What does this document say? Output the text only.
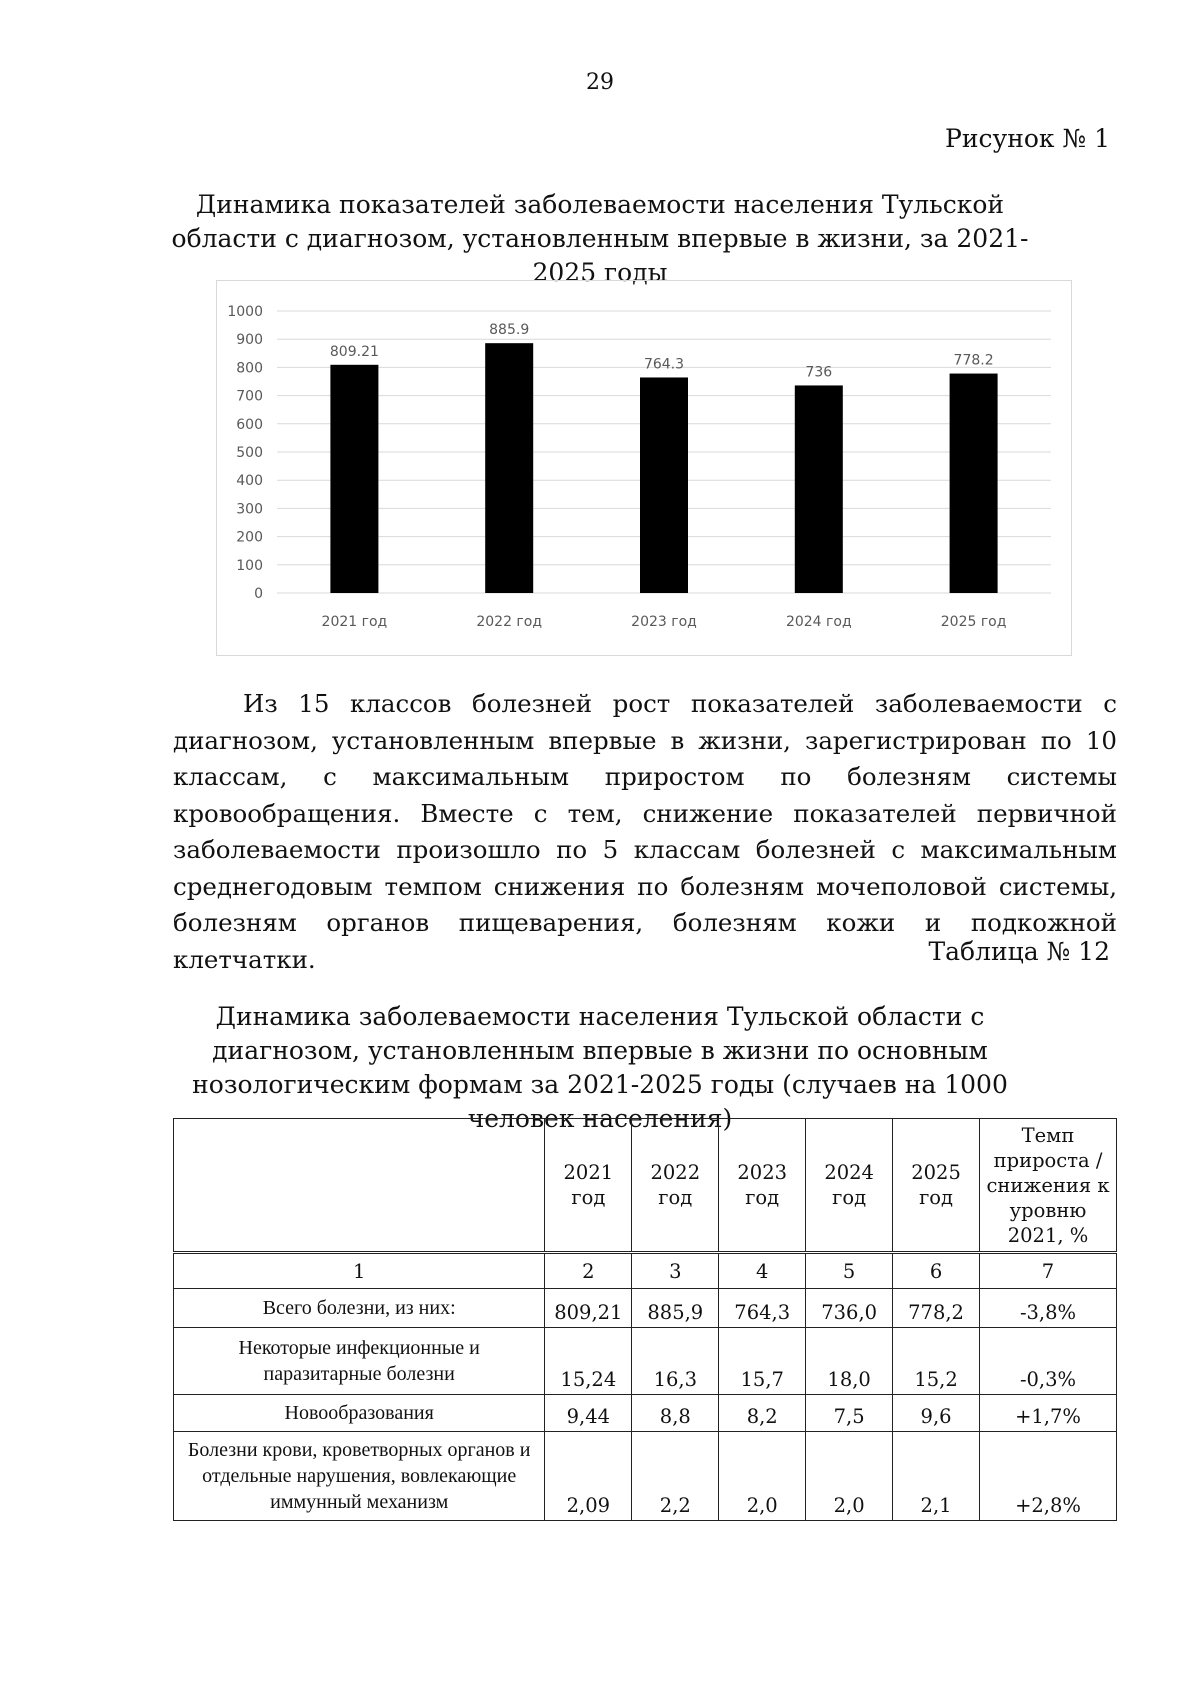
29
Рисунок № 1
Динамика показателей заболеваемости населения Тульской области с диагнозом, установленным впервые в жизни, за 2021-2025 годы
0
100
200
300
400
500
600
700
800
900
1000
809.21
2021 год
885.9
2022 год
764.3
2023 год
736
2024 год
778.2
2025 год

Из 15 классов болезней рост показателей заболеваемости с диагнозом, установленным впервые в жизни, зарегистрирован по 10 классам, с максимальным приростом по болезням системы кровообращения. Вместе с тем, снижение показателей первичной заболеваемости произошло по 5 классам болезней с максимальным среднегодовым темпом снижения по болезням мочеполовой системы, болезням органов пищеварения, болезням кожи и подкожной клетчатки.	Таблица № 12
Динамика заболеваемости населения Тульской области с диагнозом, установленным впервые в жизни по основным нозологическим формам за 2021-2025 годы (случаев на 1000 человек населения)
	2021 год	2022 год	2023 год	2024 год	2025 год	Темп прироста /снижения к уровню 2021, %
1	2	3	4	5	6	7
Всего болезни, из них:	809,21	885,9	764,3	736,0	778,2	-3,8%
Некоторые инфекционные и паразитарные болезни	15,24	16,3	15,7	18,0	15,2	-0,3%
Новообразования	9,44	8,8	8,2	7,5	9,6	+1,7%
Болезни крови, кроветворных органов и отдельные нарушения, вовлекающие иммунный механизм	2,09	2,2	2,0	2,0	2,1	+2,8%
